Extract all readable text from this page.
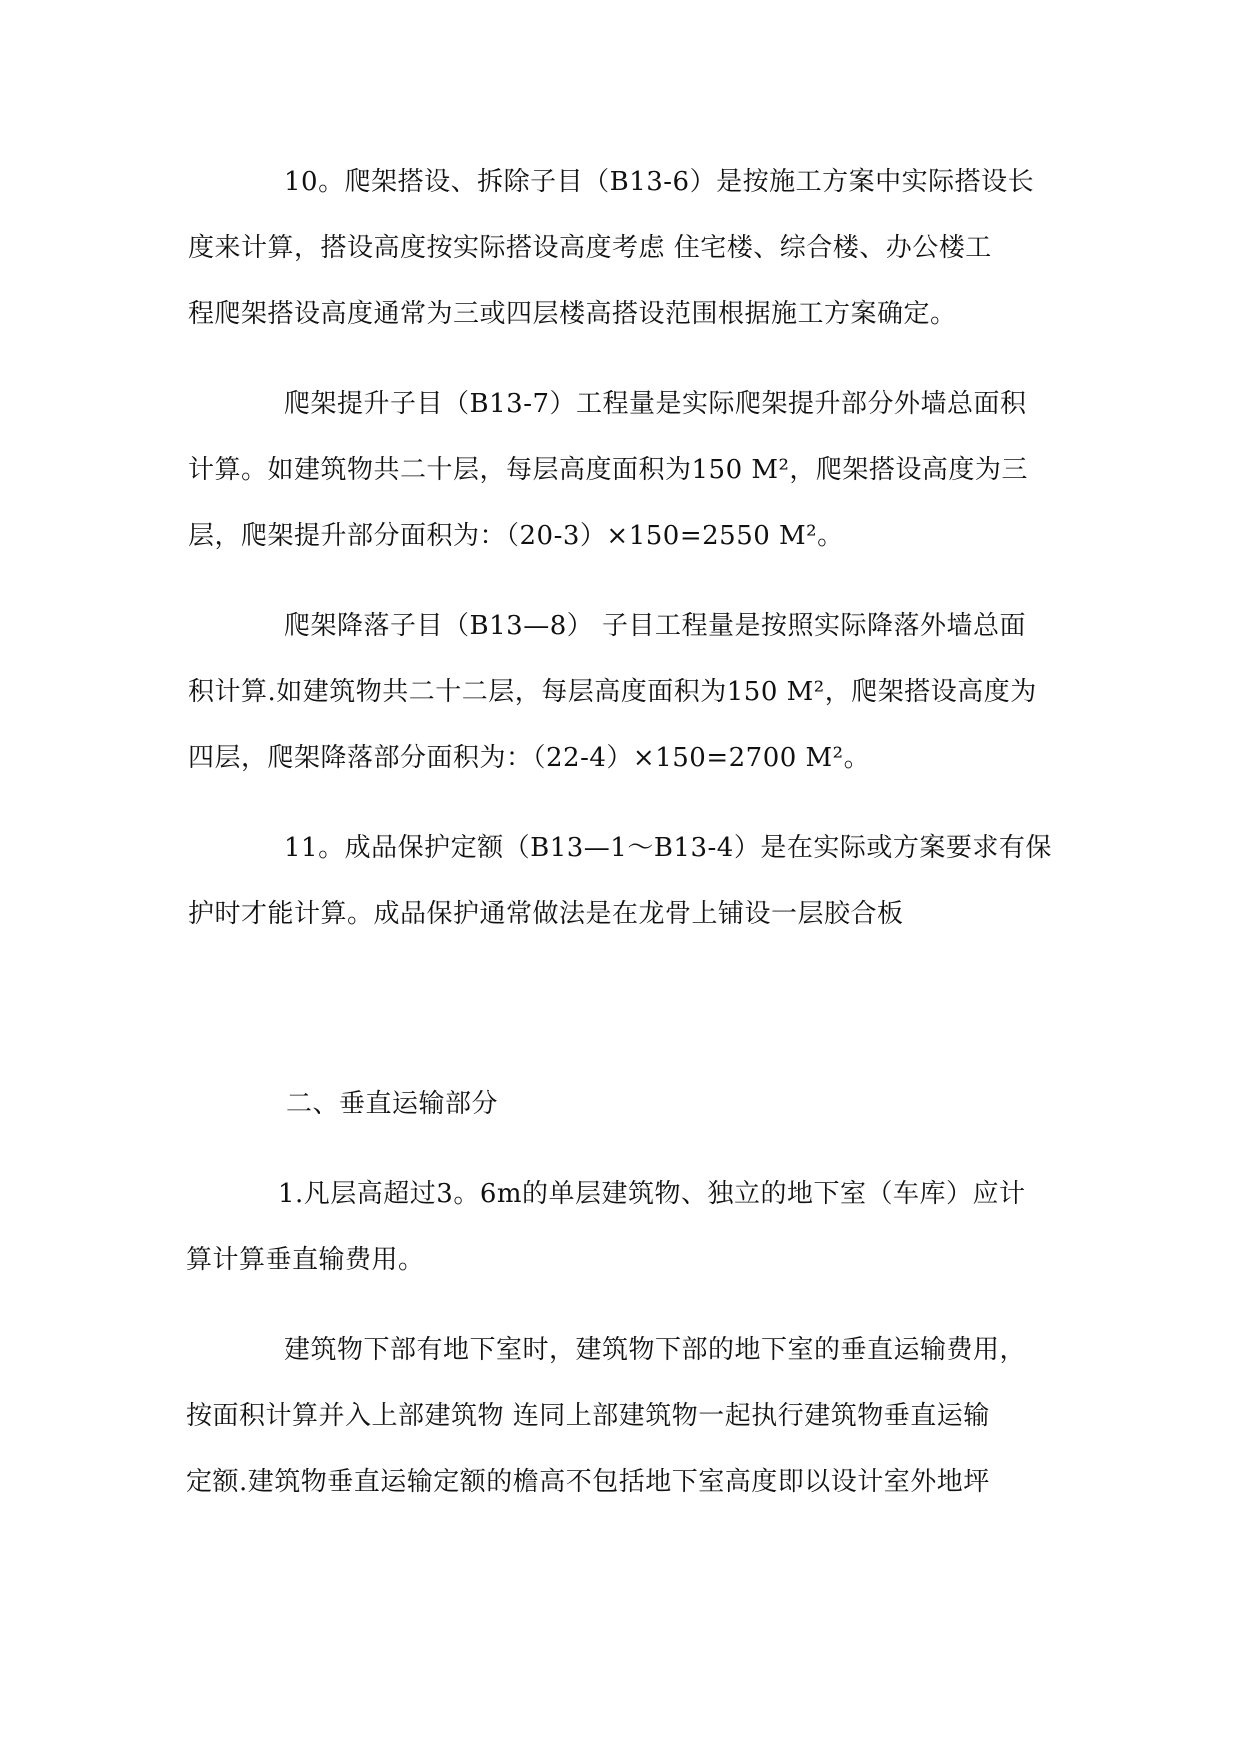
10。爬架搭设、拆除子目（B13-6）是按施工方案中实际搭设长
度来计算，搭设高度按实际搭设高度考虑 住宅楼、综合楼、办公楼工
程爬架搭设高度通常为三或四层楼高搭设范围根据施工方案确定。
爬架提升子目（B13-7）工程量是实际爬架提升部分外墙总面积
计算。如建筑物共二十层，每层高度面积为150 M²，爬架搭设高度为三
层，爬架提升部分面积为：（20-3）×150=2550 M²。
爬架降落子目（B13—8） 子目工程量是按照实际降落外墙总面
积计算.如建筑物共二十二层，每层高度面积为150 M²，爬架搭设高度为
四层，爬架降落部分面积为：（22-4）×150=2700 M²。
11。成品保护定额（B13—1～B13-4）是在实际或方案要求有保
护时才能计算。成品保护通常做法是在龙骨上铺设一层胶合板
二、垂直运输部分
1.凡层高超过3。6m的单层建筑物、独立的地下室（车库）应计
算计算垂直输费用。
建筑物下部有地下室时，建筑物下部的地下室的垂直运输费用，
按面积计算并入上部建筑物 连同上部建筑物一起执行建筑物垂直运输
定额.建筑物垂直运输定额的檐高不包括地下室高度即以设计室外地坪
